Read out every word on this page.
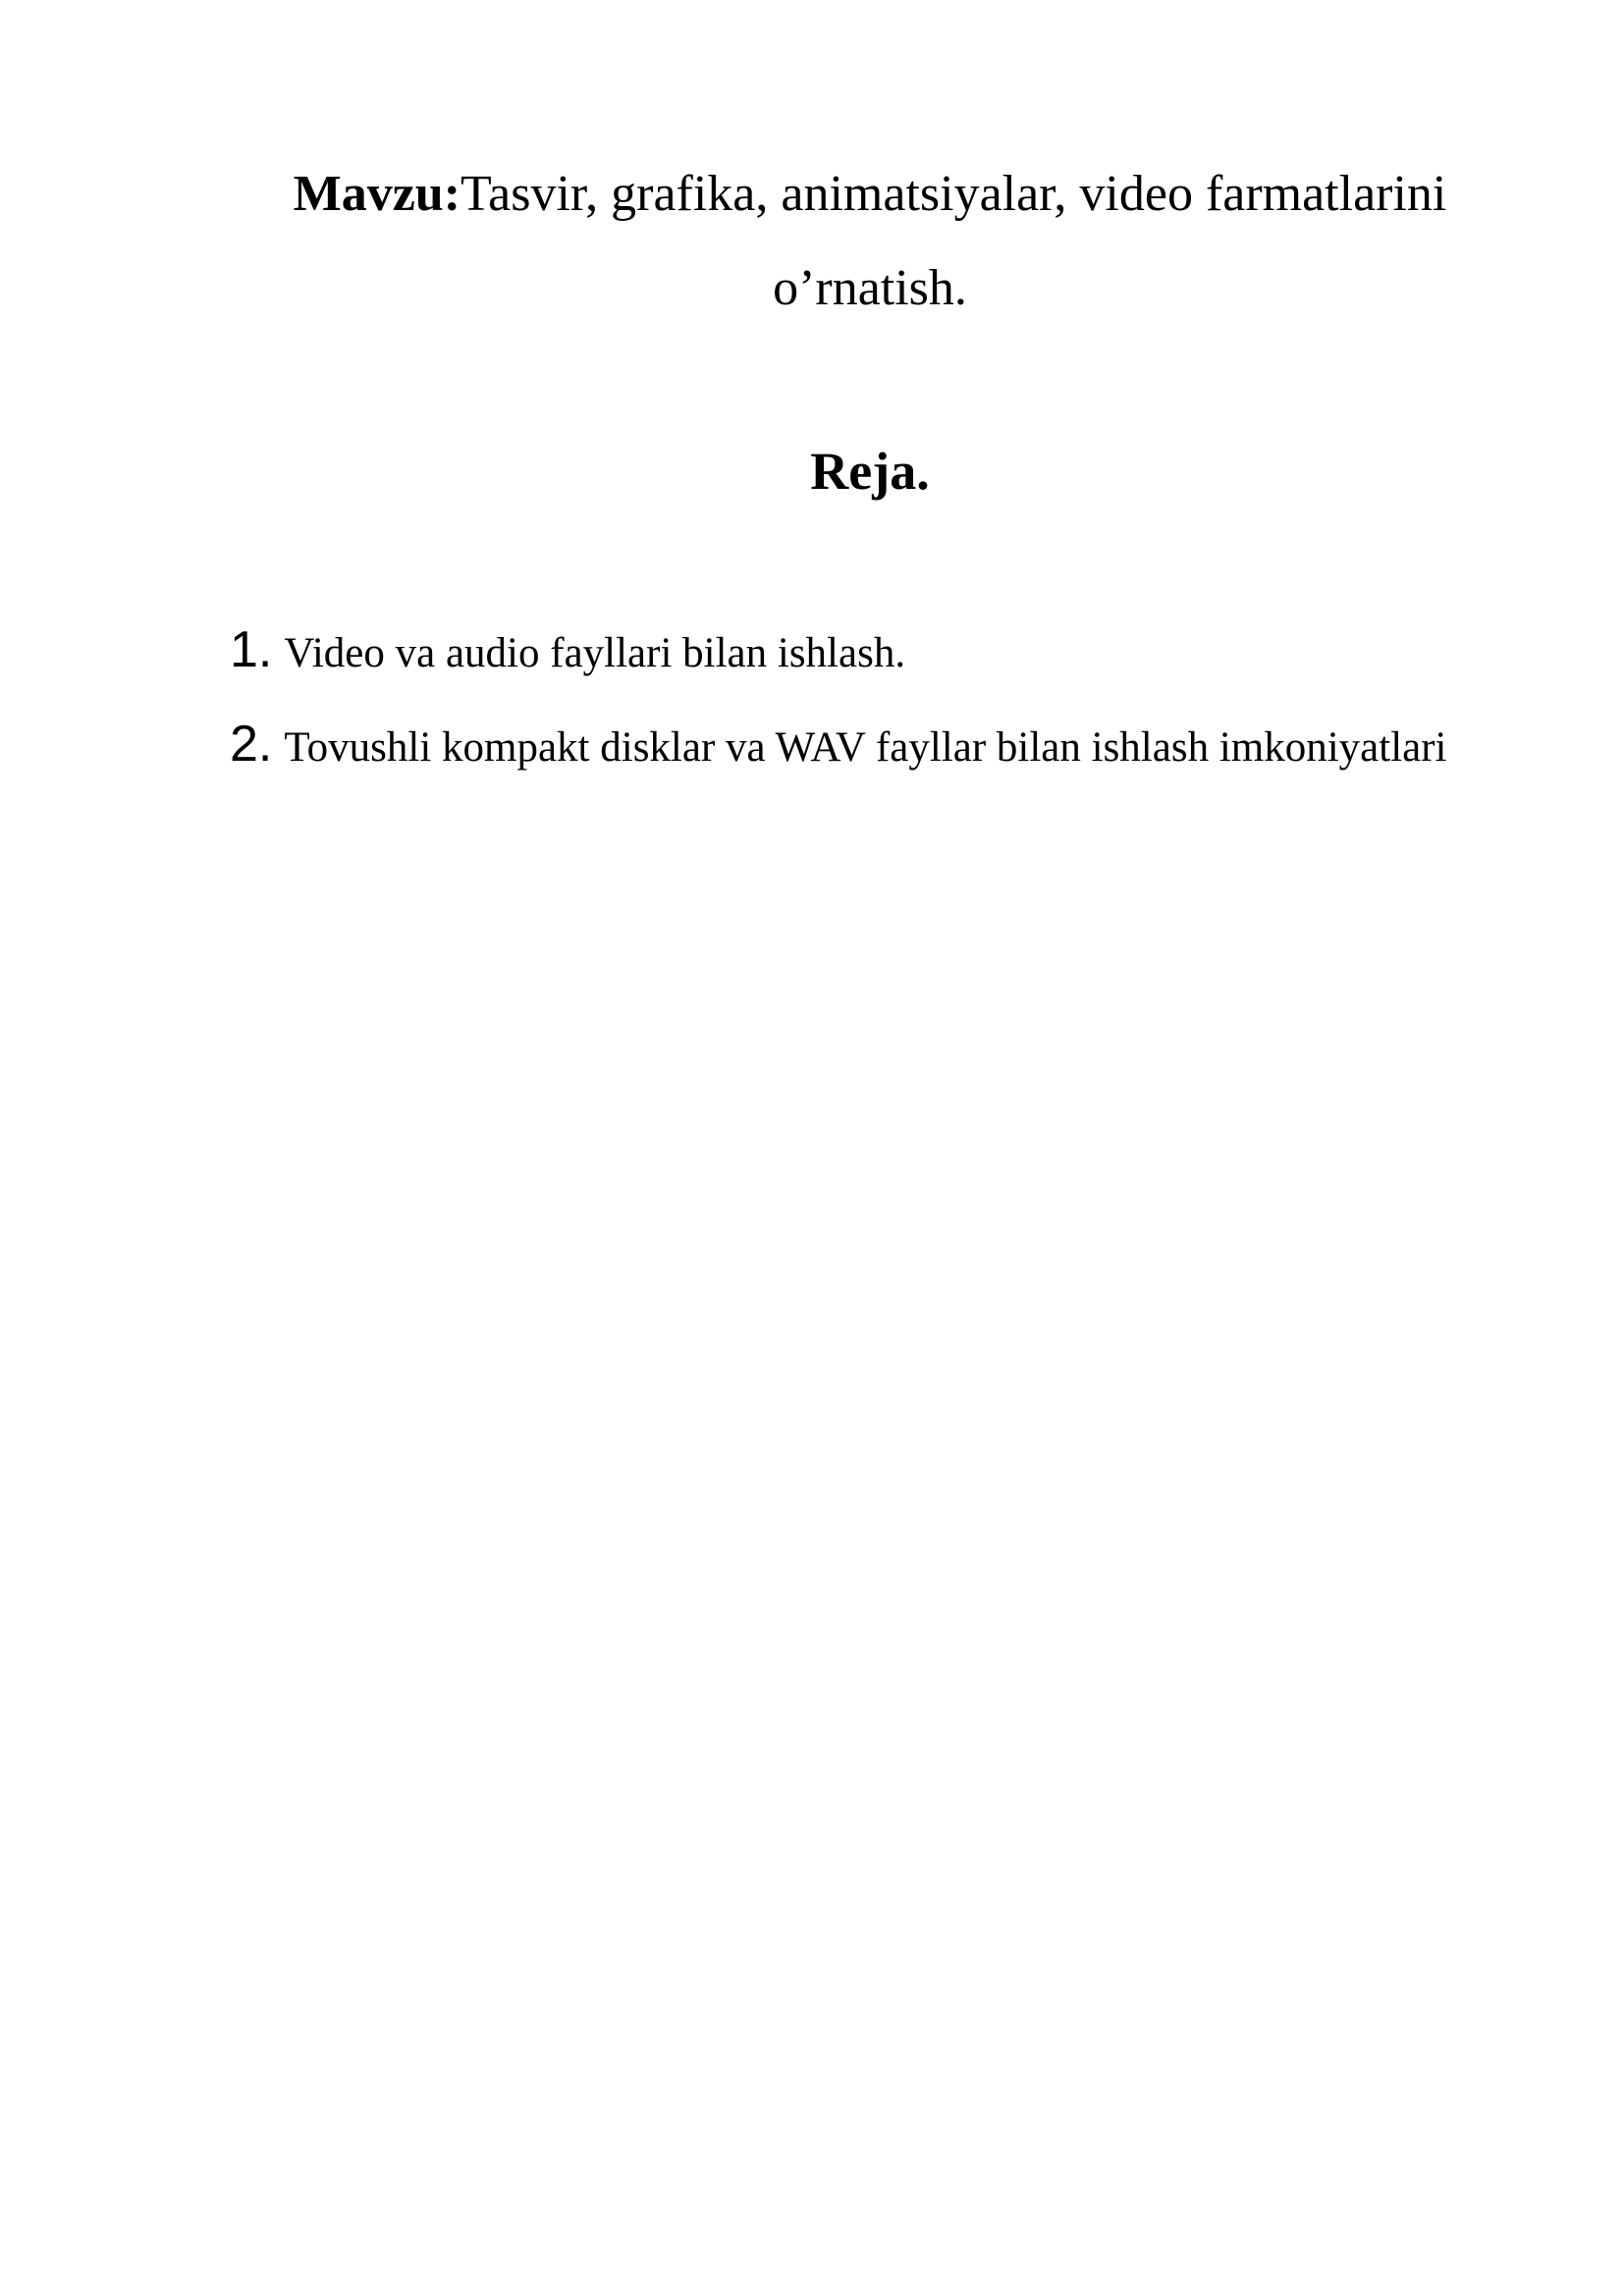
Mavzu:Tasvir, grafika, animatsiyalar, video farmatlarini
o’rnatish.
Reja.
1. Video va audio fayllari bilan ishlash.
2. Tovushli kompakt disklar va WAV fayllar bilan ishlash imkoniyatlari
